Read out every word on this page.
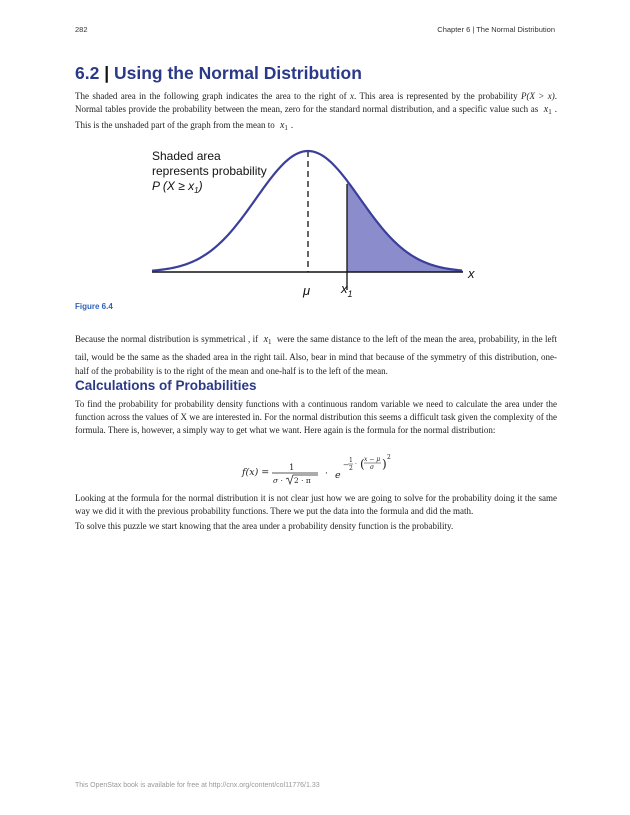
282	Chapter 6 | The Normal Distribution
6.2 | Using the Normal Distribution

The shaded area in the following graph indicates the area to the right of x. This area is represented by the probability P(X > x). Normal tables provide the probability between the mean, zero for the standard normal distribution, and a specific value such as $x_1$ . This is the unshaded part of the graph from the mean to $x_1$ .

Shaded area
represents probability
P $(X \ge x_1)$
x
μ $x_1$
Figure 6.4

Because the normal distribution is symmetrical , if $x_1$ were the same distance to the left of the mean the area, probability, in the left tail, would be the same as the shaded area in the right tail. Also, bear in mind that because of the symmetry of this distribution, one-half of the probability is to the right of the mean and one-half is to the left of the mean.

Calculations of Probabilities

To find the probability for probability density functions with a continuous random variable we need to calculate the area under the function across the values of X we are interested in. For the normal distribution this seems a difficult task given the complexity of the formula. There is, however, a simply way to get what we want. Here again is the formula for the normal distribution:

f(x) = 1
σ · 2 · π
· e
−
1
2
· ( x − μ
σ ) 2

Looking at the formula for the normal distribution it is not clear just how we are going to solve for the probability doing it the same way we did it with the previous probability functions. There we put the data into the formula and did the math.

To solve this puzzle we start knowing that the area under a probability density function is the probability.

This OpenStax book is available for free at http://cnx.org/content/col11776/1.33
